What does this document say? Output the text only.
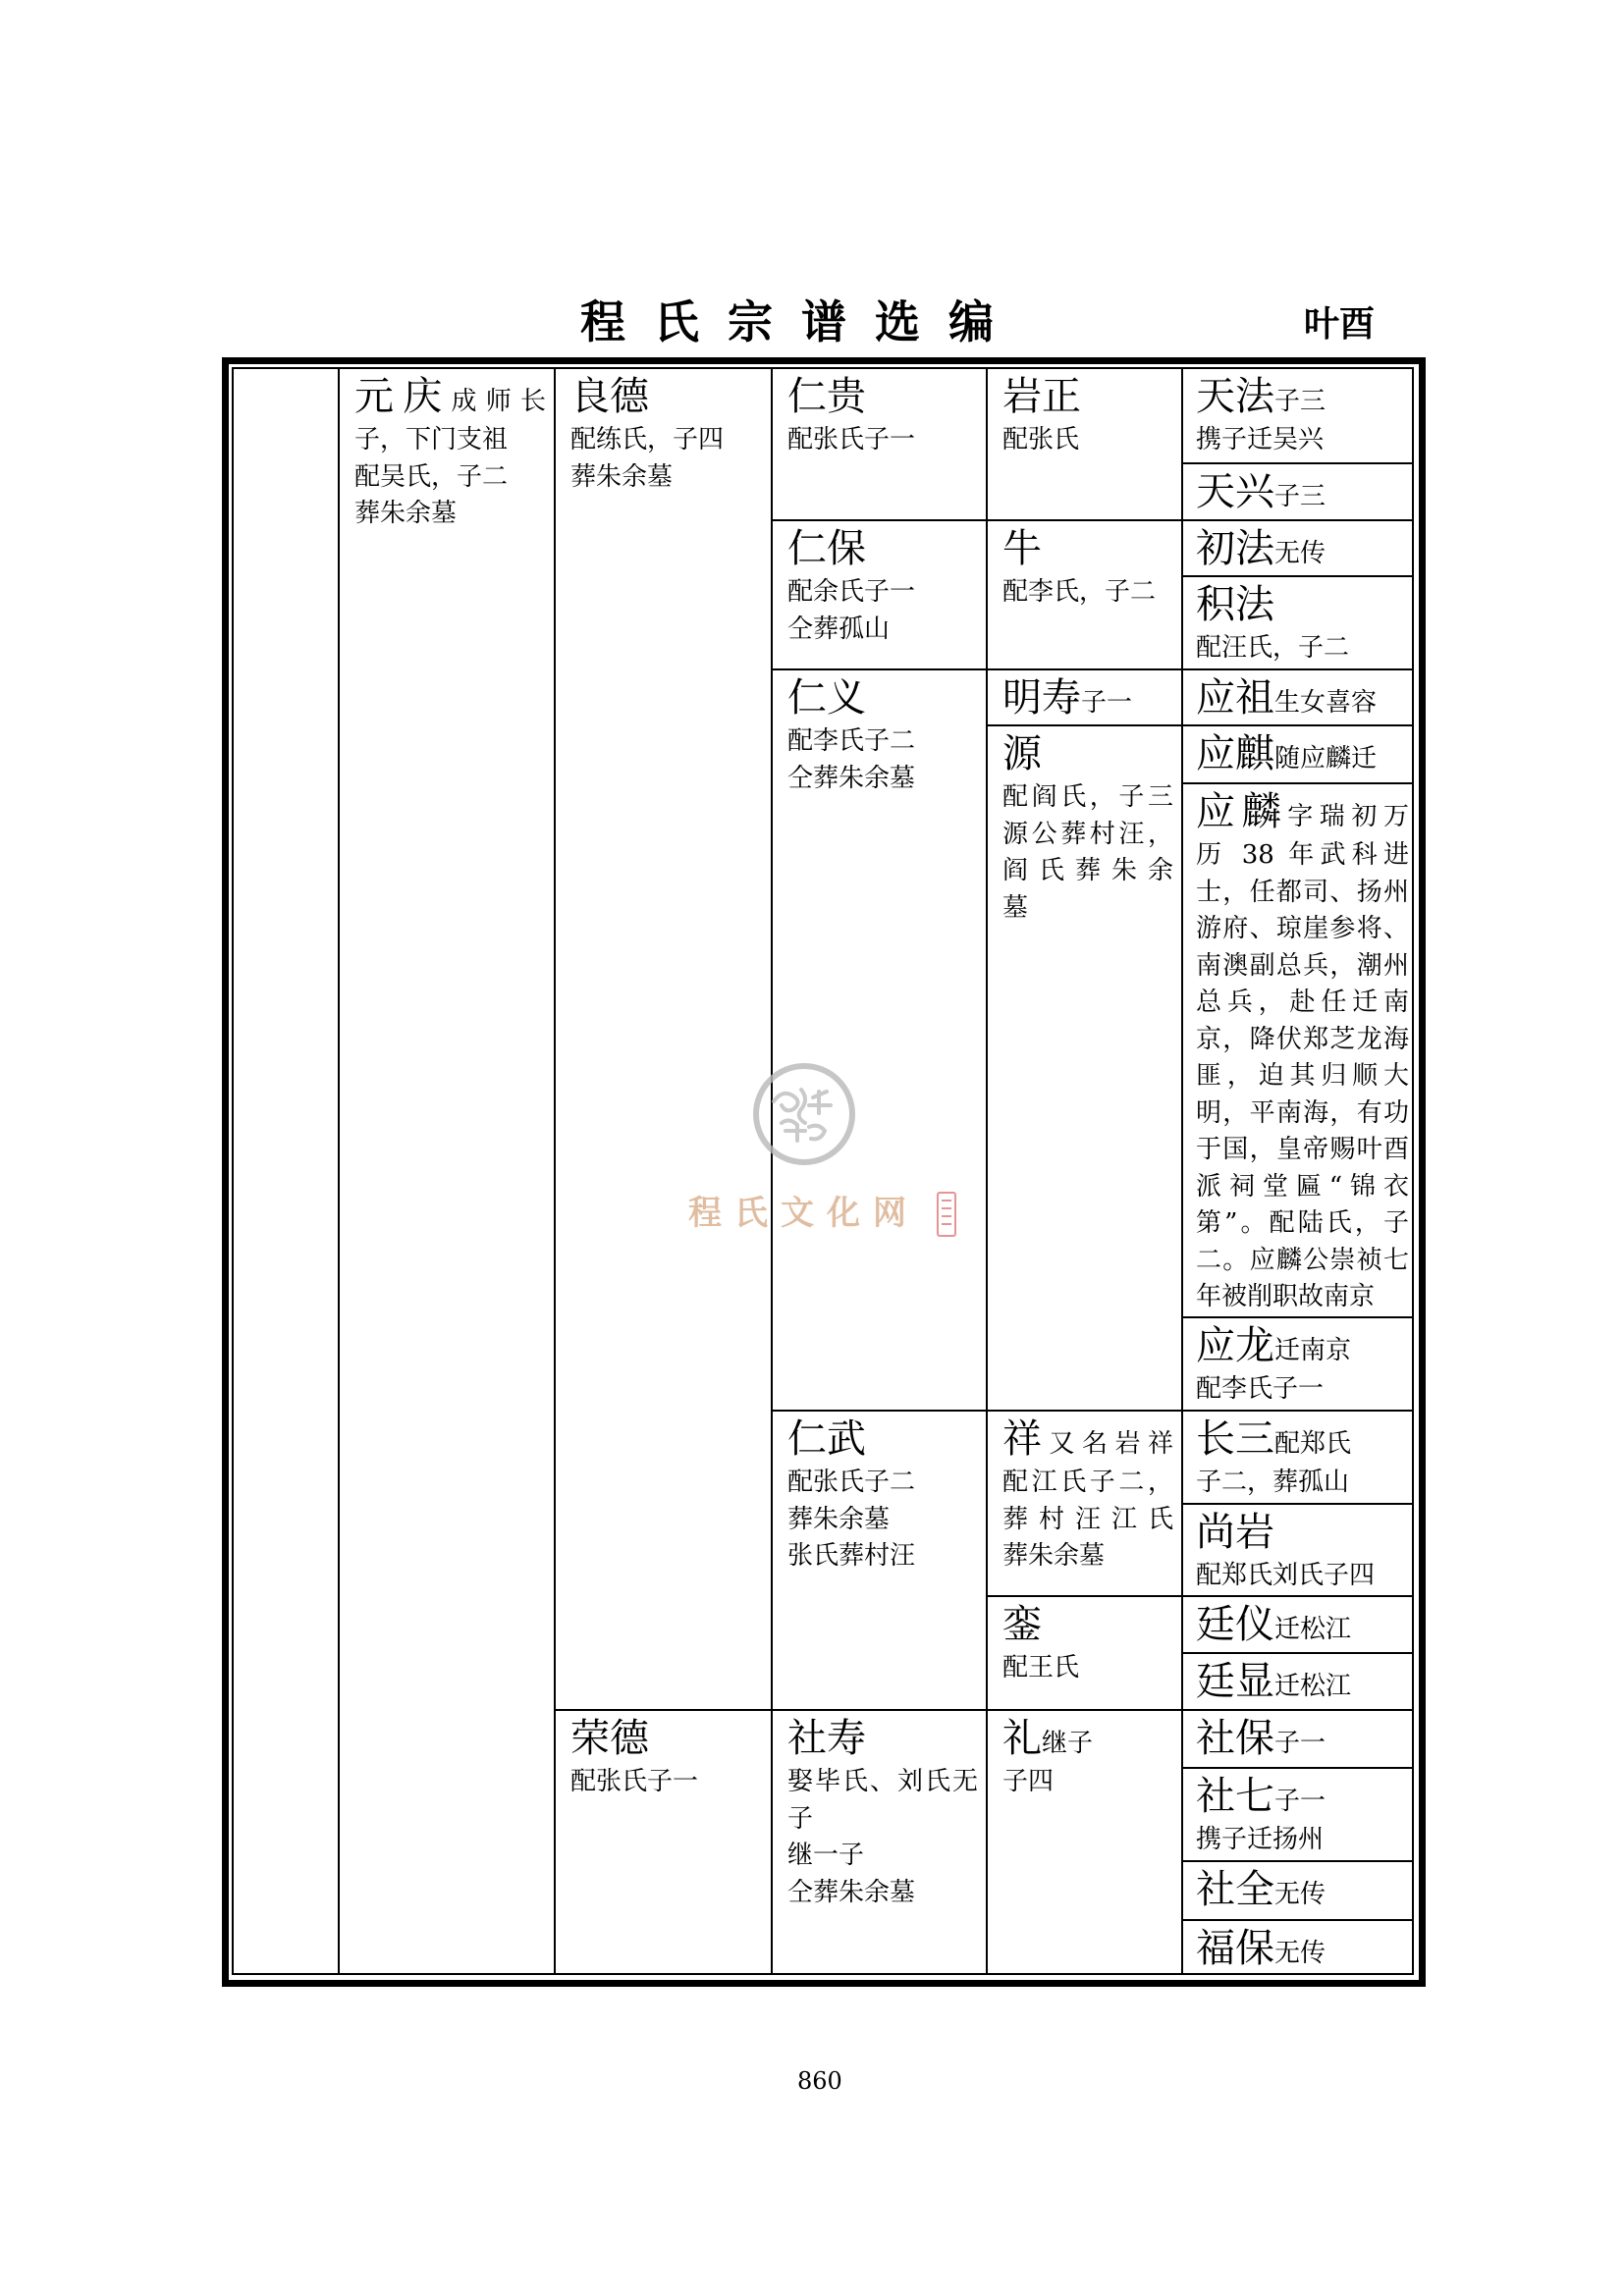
程氏宗谱选编	叶酉
元庆成师长
子，下门支祖
配吴氏，子二
葬朱余墓
良德
配练氏，子四
葬朱余墓
荣德
配张氏子一
仁贵
配张氏子一
仁保
配余氏子一
仝葬孤山
仁义
配李氏子二
仝葬朱余墓
仁武
配张氏子二
葬朱余墓
张氏葬村汪
社寿
娶毕氏、刘氏无
子
继一子
仝葬朱余墓
岩正
配张氏
牛
配李氏，子二
明寿子一
源
配阎氏，子三
源公葬村汪，
阎氏葬朱余
墓
祥又名岩祥
配江氏子二，
葬村汪江氏
葬朱余墓
銮
配王氏
礼继子
子四
天法子三
携子迁吴兴
天兴子三
初法无传
积法
配汪氏，子二
应祖生女喜容
应麒随应麟迁
应麟字瑞初万
历 38 年武科进
士，任都司、扬州
游府、琼崖参将、
南澳副总兵，潮州
总兵，赴任迁南
京，降伏郑芝龙海
匪，迫其归顺大
明，平南海，有功
于国，皇帝赐叶酉
派祠堂匾“锦衣
第”。配陆氏，子
二。应麟公崇祯七
年被削职故南京
应龙迁南京
配李氏子一
长三配郑氏
子二，葬孤山
尚岩
配郑氏刘氏子四
廷仪迁松江
廷显迁松江
社保子一
社七子一
携子迁扬州
社全无传
福保无传
程氏文化网
860
